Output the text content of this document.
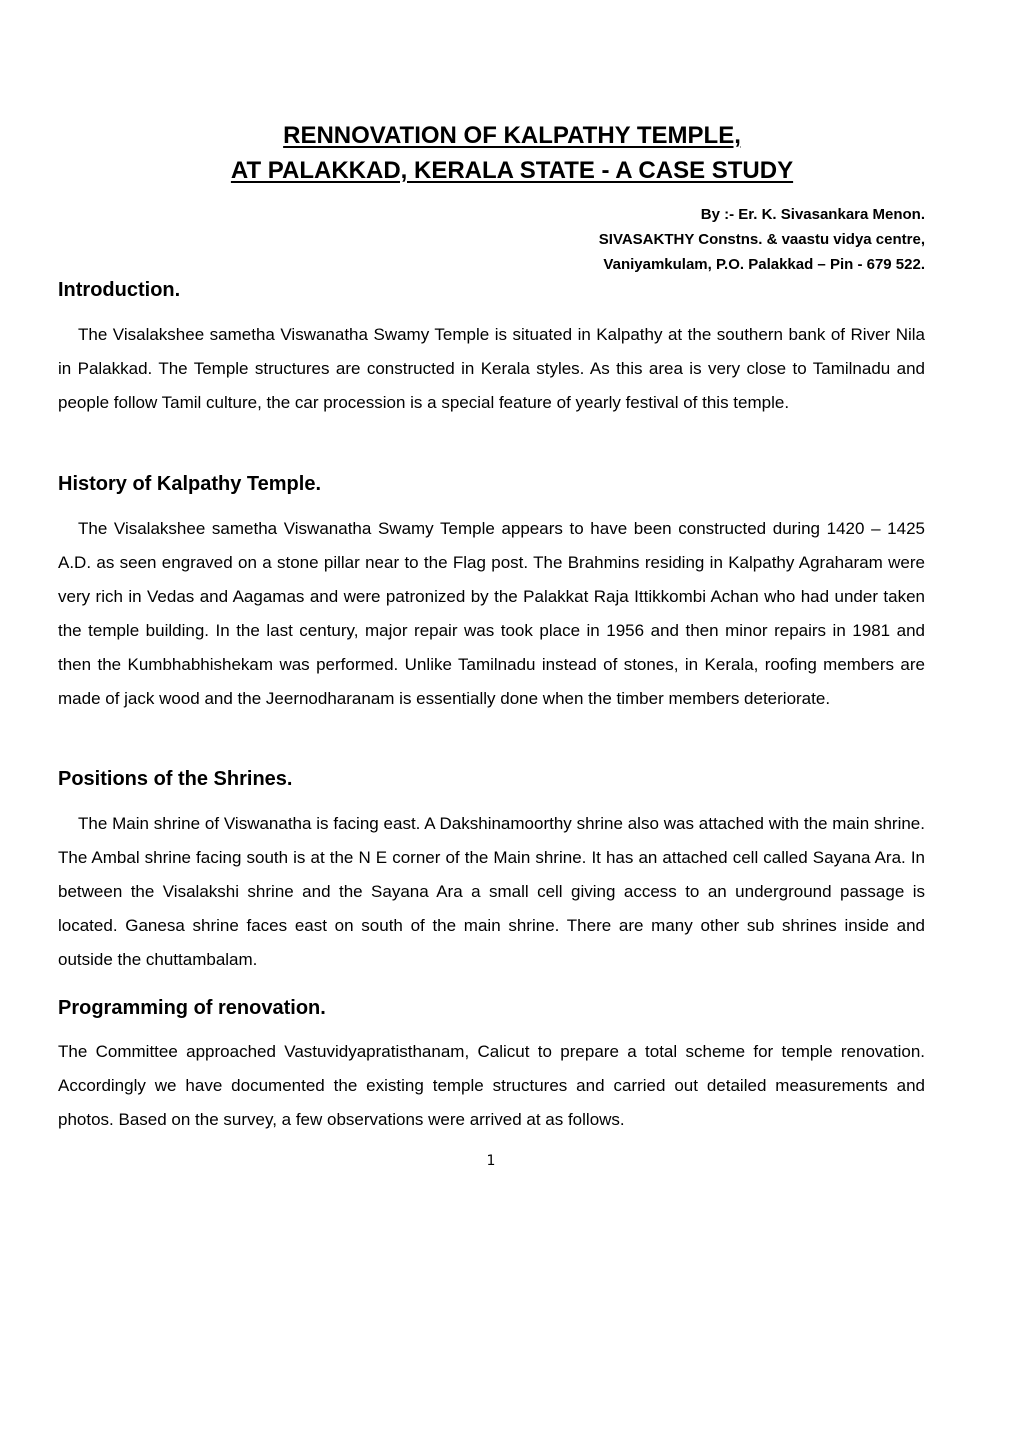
RENNOVATION OF KALPATHY TEMPLE,
AT PALAKKAD, KERALA STATE - A CASE STUDY
By :- Er. K. Sivasankara Menon.
SIVASAKTHY Constns. & vaastu vidya centre,
Vaniyamkulam, P.O. Palakkad – Pin - 679 522.
Introduction.

The Visalakshee sametha Viswanatha Swamy Temple is situated in Kalpathy at the southern bank of River Nila in Palakkad. The Temple structures are constructed in Kerala styles. As this area is very close to Tamilnadu and people follow Tamil culture, the car procession is a special feature of yearly festival of this temple.

History of Kalpathy Temple.

The Visalakshee sametha Viswanatha Swamy Temple appears to have been constructed during 1420 – 1425 A.D. as seen engraved on a stone pillar near to the Flag post. The Brahmins residing in Kalpathy Agraharam were very rich in Vedas and Aagamas and were patronized by the Palakkat Raja Ittikkombi Achan who had under taken the temple building. In the last century, major repair was took place in 1956 and then minor repairs in 1981 and then the Kumbhabhishekam was performed. Unlike Tamilnadu instead of stones, in Kerala, roofing members are made of jack wood and the Jeernodharanam is essentially done when the timber members deteriorate.

Positions of the Shrines.

The Main shrine of Viswanatha is facing east. A Dakshinamoorthy shrine also was attached with the main shrine. The Ambal shrine facing south is at the N E corner of the Main shrine. It has an attached cell called Sayana Ara. In between the Visalakshi shrine and the Sayana Ara a small cell giving access to an underground passage is located. Ganesa shrine faces east on south of the main shrine. There are many other sub shrines inside and outside the chuttambalam.

Programming of renovation.

The Committee approached Vastuvidyapratisthanam, Calicut to prepare a total scheme for temple renovation. Accordingly we have documented the existing temple structures and carried out detailed measurements and photos. Based on the survey, a few observations were arrived at as follows.

1
